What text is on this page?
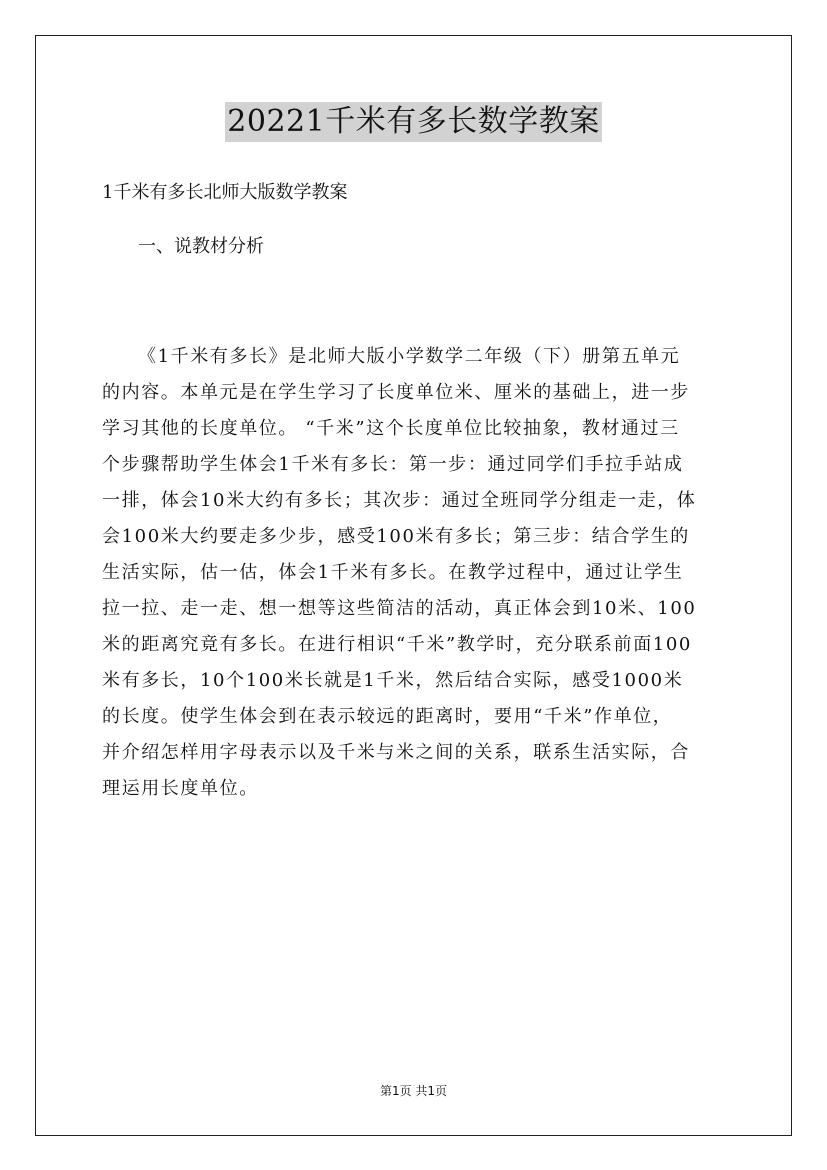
20221千米有多长数学教案

1千米有多长北师大版数学教案

一、说教材分析

《1千米有多长》是北师大版小学数学二年级（下）册第五单元
的内容。本单元是在学生学习了长度单位米、厘米的基础上，进一步
学习其他的长度单位。 “千米”这个长度单位比较抽象，教材通过三
个步骤帮助学生体会1千米有多长：第一步：通过同学们手拉手站成
一排，体会10米大约有多长；其次步：通过全班同学分组走一走，体
会100米大约要走多少步，感受100米有多长；第三步：结合学生的
生活实际，估一估，体会1千米有多长。在教学过程中，通过让学生
拉一拉、走一走、想一想等这些简洁的活动，真正体会到10米、100
米的距离究竟有多长。在进行相识“千米”教学时，充分联系前面100
米有多长，10个100米长就是1千米，然后结合实际，感受1000米
的长度。使学生体会到在表示较远的距离时，要用“千米”作单位，
并介绍怎样用字母表示以及千米与米之间的关系，联系生活实际，合
理运用长度单位。
第1页 共1页
